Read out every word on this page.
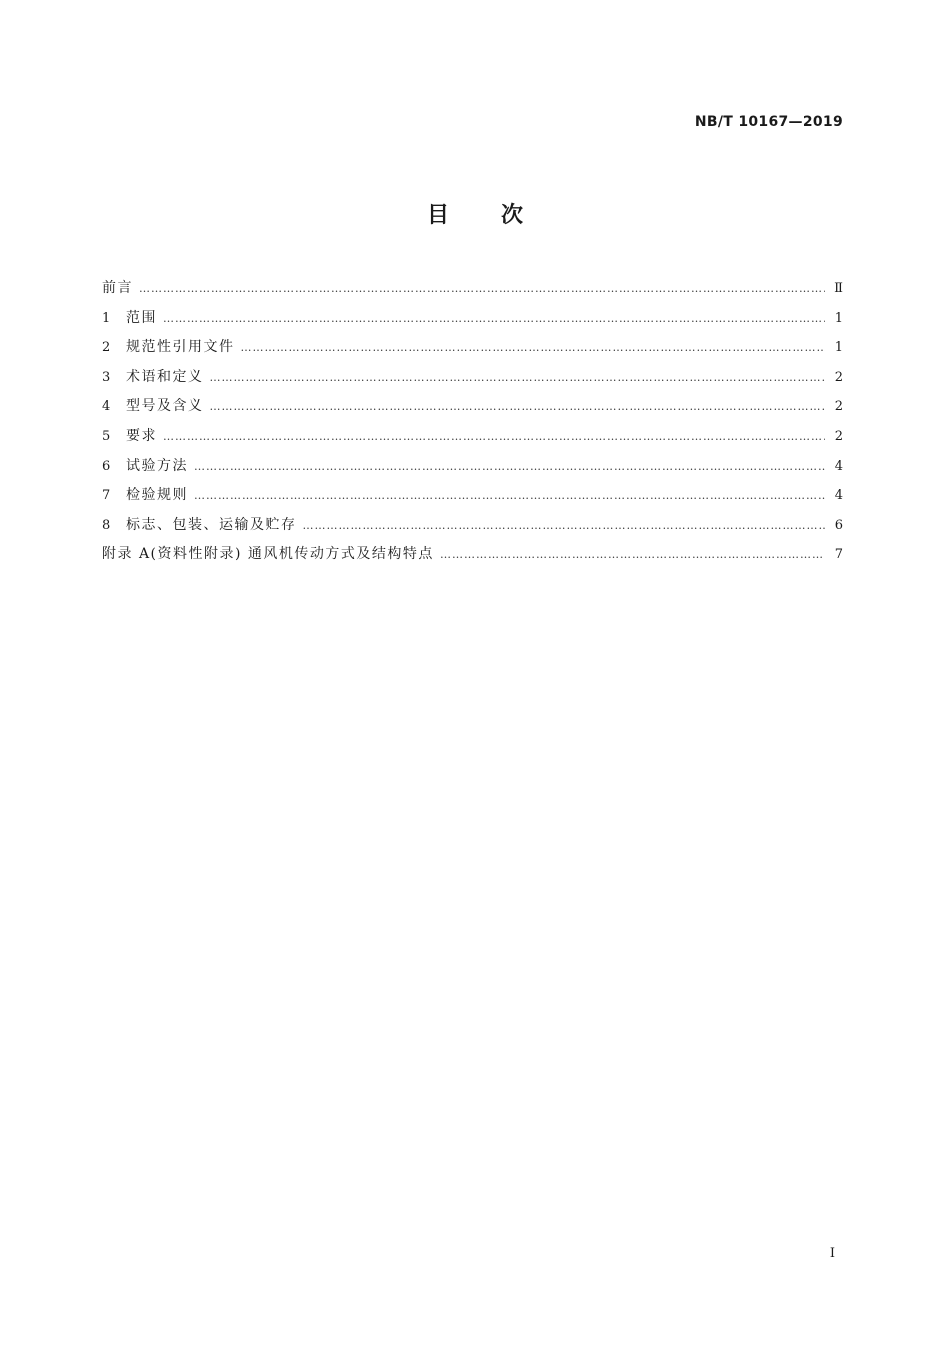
NB/T 10167—2019
目次
前言 ………………………………………………………………………………………………………………………………………………………………………………………………	Ⅱ
1	范围 ………………………………………………………………………………………………………………………………………………………………………………………………	1
2	规范性引用文件 ………………………………………………………………………………………………………………………………………………………………………………………………	1
3	术语和定义 ………………………………………………………………………………………………………………………………………………………………………………………………	2
4	型号及含义 ………………………………………………………………………………………………………………………………………………………………………………………………	2
5	要求 ………………………………………………………………………………………………………………………………………………………………………………………………	2
6	试验方法 ………………………………………………………………………………………………………………………………………………………………………………………………	4
7	检验规则 ………………………………………………………………………………………………………………………………………………………………………………………………	4
8	标志、包装、运输及贮存 ………………………………………………………………………………………………………………………………………………………………………………………………	6
附录 A(资料性附录) 通风机传动方式及结构特点 ………………………………………………………………………………………………………………………………………………………………………………………………	7
I
